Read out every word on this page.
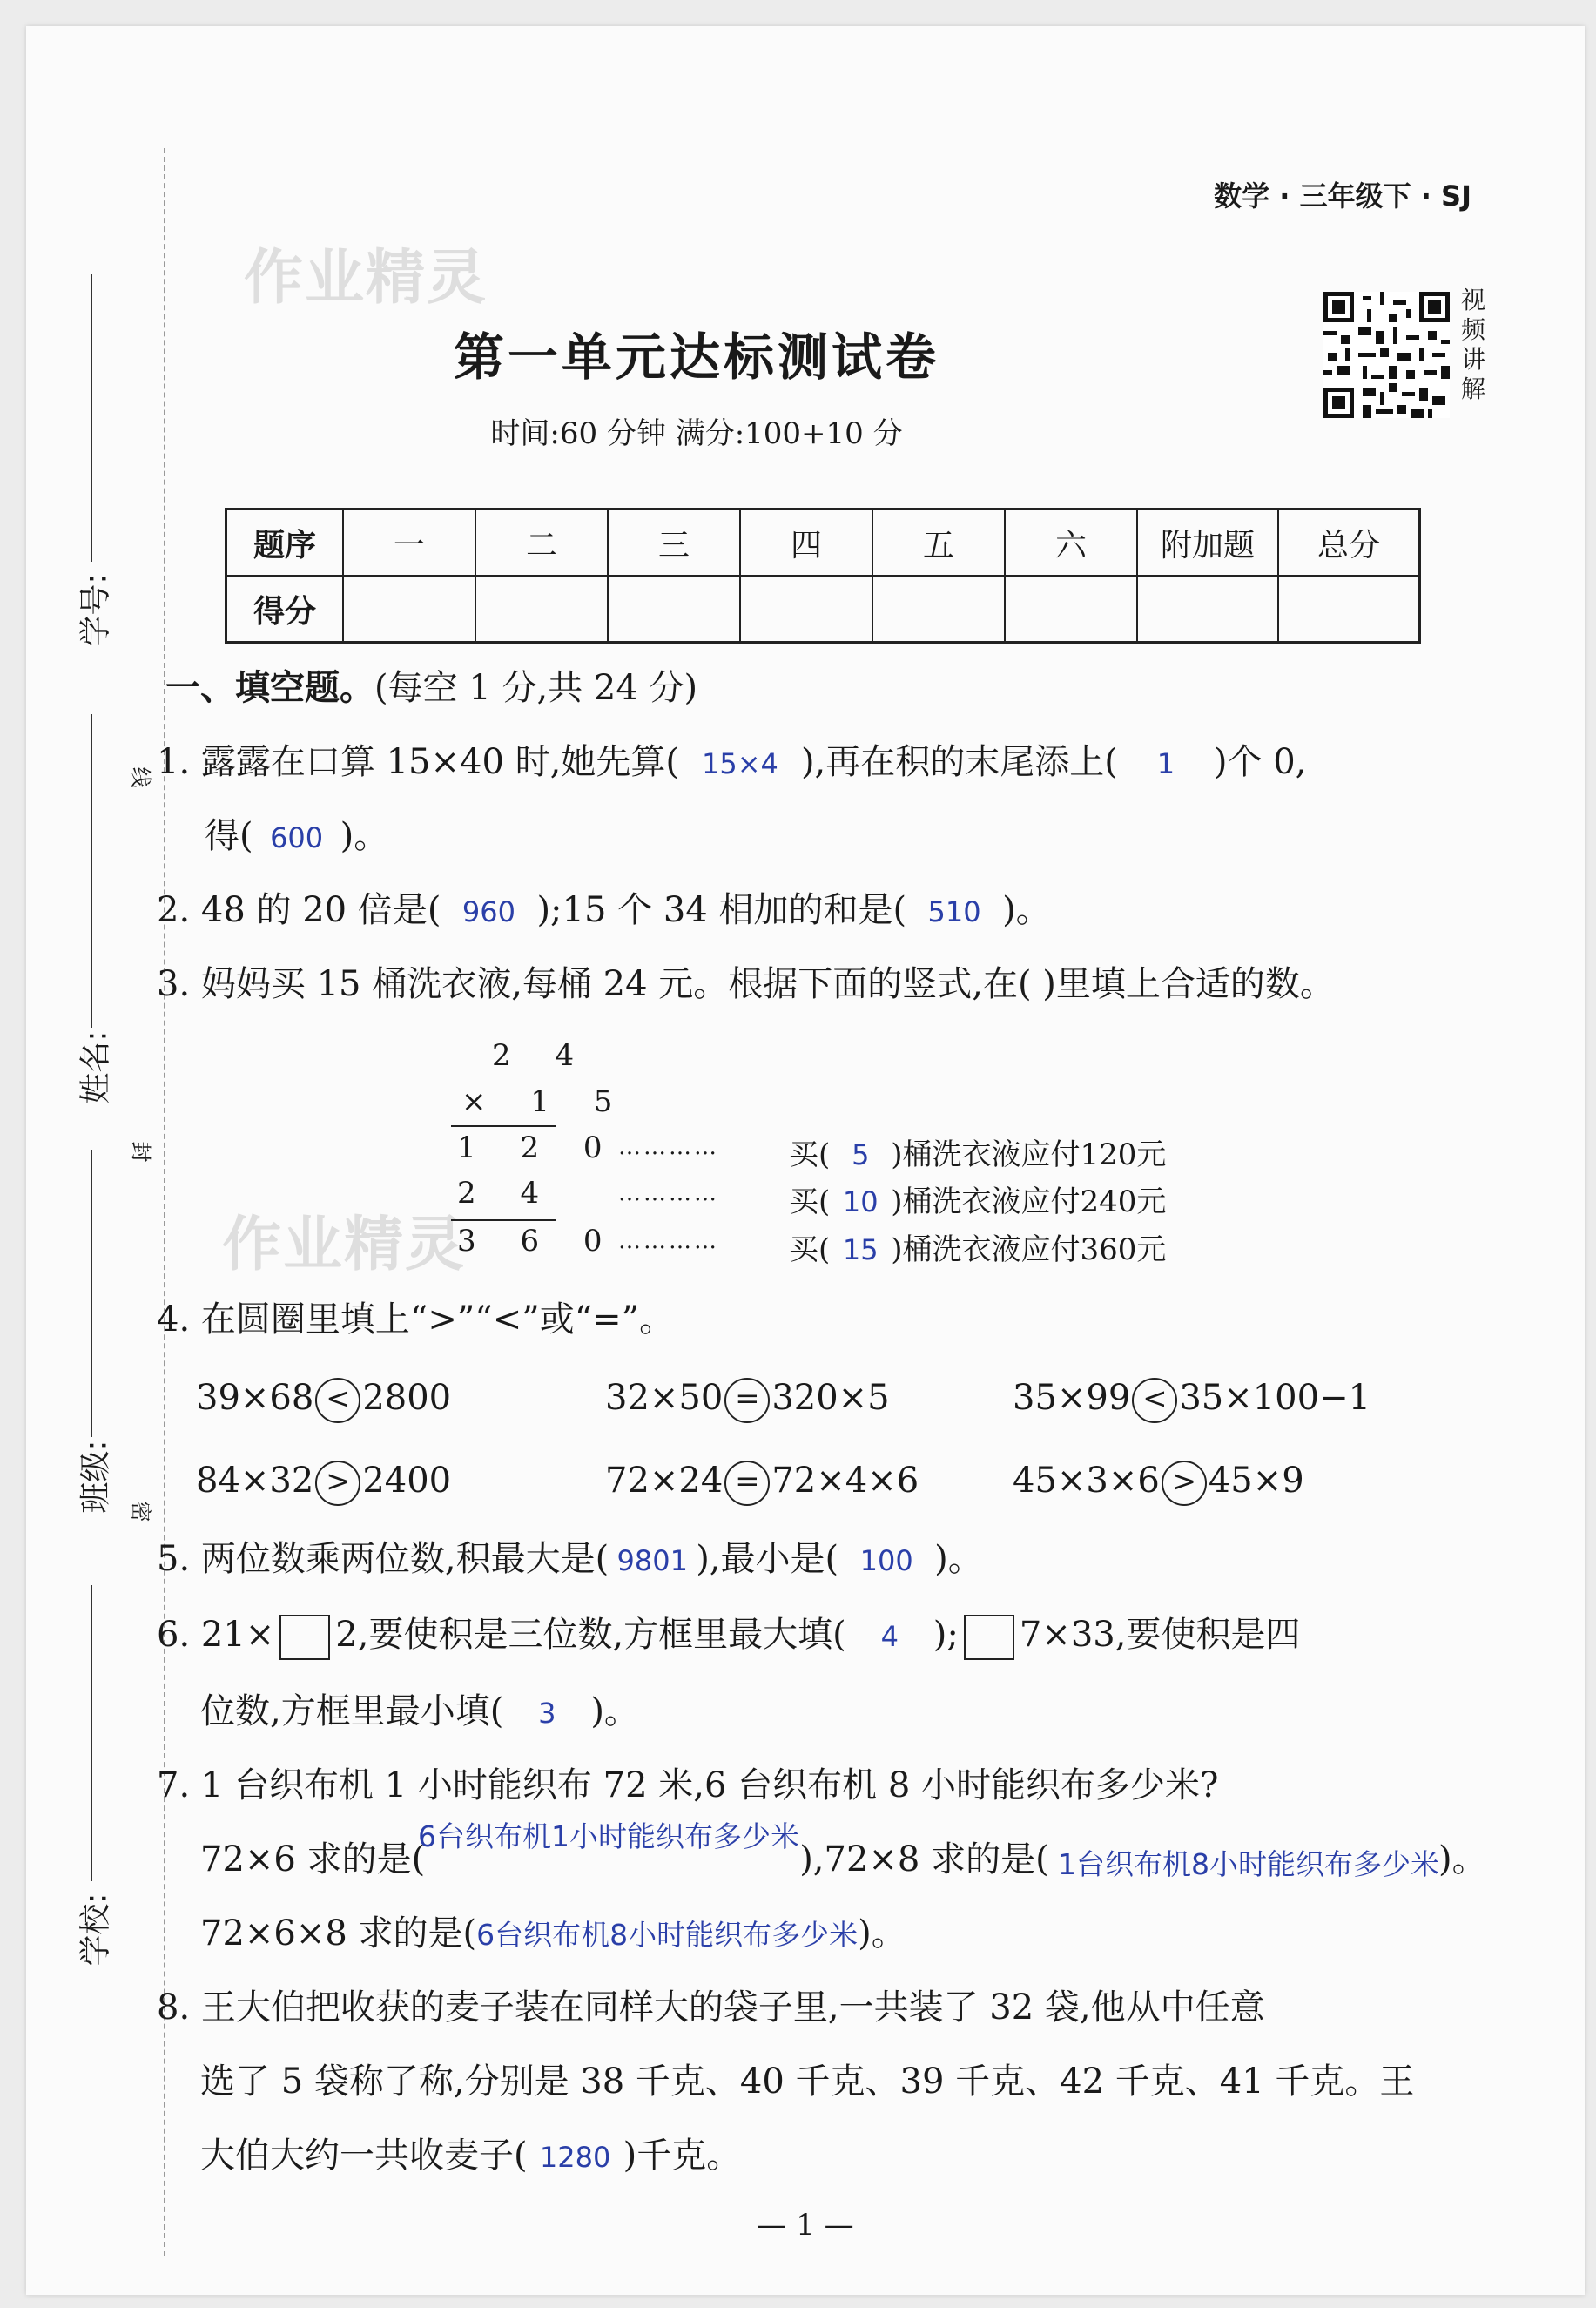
作业精灵
作业精灵
数学 · 三年级下 · SJ
学号:
姓名:
班级:
学校:
线
封
密
第一单元达标测试卷
时间:60 分钟 满分:100+10 分
视
频
讲
解
题序	一	二	三	四	五	六	附加题	总分
得分								
一、填空题。(每空 1 分,共 24 分)
1. 露露在口算 15×40 时,她先算( 15×4 ),再在积的末尾添上( 1 )个 0,
得( 600 )。
2. 48 的 20 倍是( 960 );15 个 34 相加的和是( 510 )。
3. 妈妈买 15 桶洗衣液,每桶 24 元。根据下面的竖式,在( )里填上合适的数。
2 4
× 1 5
1 2 0
2 4
3 6 0
…………
…………
…………
买( 5 )桶洗衣液应付120元
买( 10 )桶洗衣液应付240元
买( 15 )桶洗衣液应付360元
4. 在圆圈里填上“>”“<”或“=”。
39×68 < 2800	32×50 = 320×5	35×99 < 35×100−1
84×32 > 2400	72×24 = 72×4×6	45×3×6 > 45×9
5. 两位数乘两位数,积最大是( 9801 ),最小是( 100 )。
6. 21× 2,要使积是三位数,方框里最大填( 4 ); 7×33,要使积是四
位数,方框里最小填( 3 )。
7. 1 台织布机 1 小时能织布 72 米,6 台织布机 8 小时能织布多少米?
72×6 求的是(	),72×8 求的是(
6台织布机1小时能织布多少米
1台织布机8小时能织布多少米 )。
72×6×8 求的是(6台织布机8小时能织布多少米)。
8. 王大伯把收获的麦子装在同样大的袋子里,一共装了 32 袋,他从中任意
选了 5 袋称了称,分别是 38 千克、40 千克、39 千克、42 千克、41 千克。王
大伯大约一共收麦子( 1280 )千克。
— 1 —
